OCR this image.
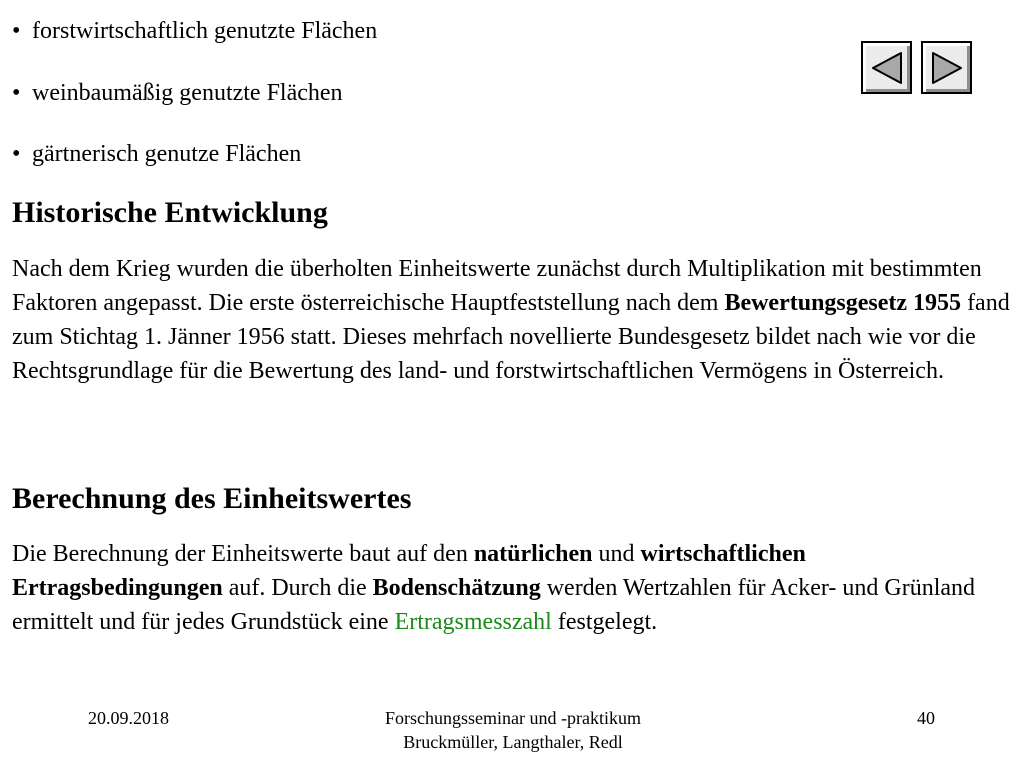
• forstwirtschaftlich genutzte Flächen
• weinbaumäßig genutzte Flächen
• gärtnerisch genutze Flächen
Historische Entwicklung

Nach dem Krieg wurden die überholten Einheitswerte zunächst durch Multiplikation mit bestimmten Faktoren angepasst. Die erste österreichische Hauptfeststellung nach dem Bewertungsgesetz 1955 fand zum Stichtag 1. Jänner 1956 statt. Dieses mehrfach novellierte Bundesgesetz bildet nach wie vor die Rechtsgrundlage für die Bewertung des land- und forstwirtschaftlichen Vermögens in Österreich.

Berechnung des Einheitswertes

Die Berechnung der Einheitswerte baut auf den natürlichen und wirtschaftlichen Ertragsbedingungen auf. Durch die Bodenschätzung werden Wertzahlen für Acker- und Grünland ermittelt und für jedes Grundstück eine Ertragsmesszahl festgelegt.

20.09.2018	Forschungsseminar und -praktikum
Bruckmüller, Langthaler, Redl
40
